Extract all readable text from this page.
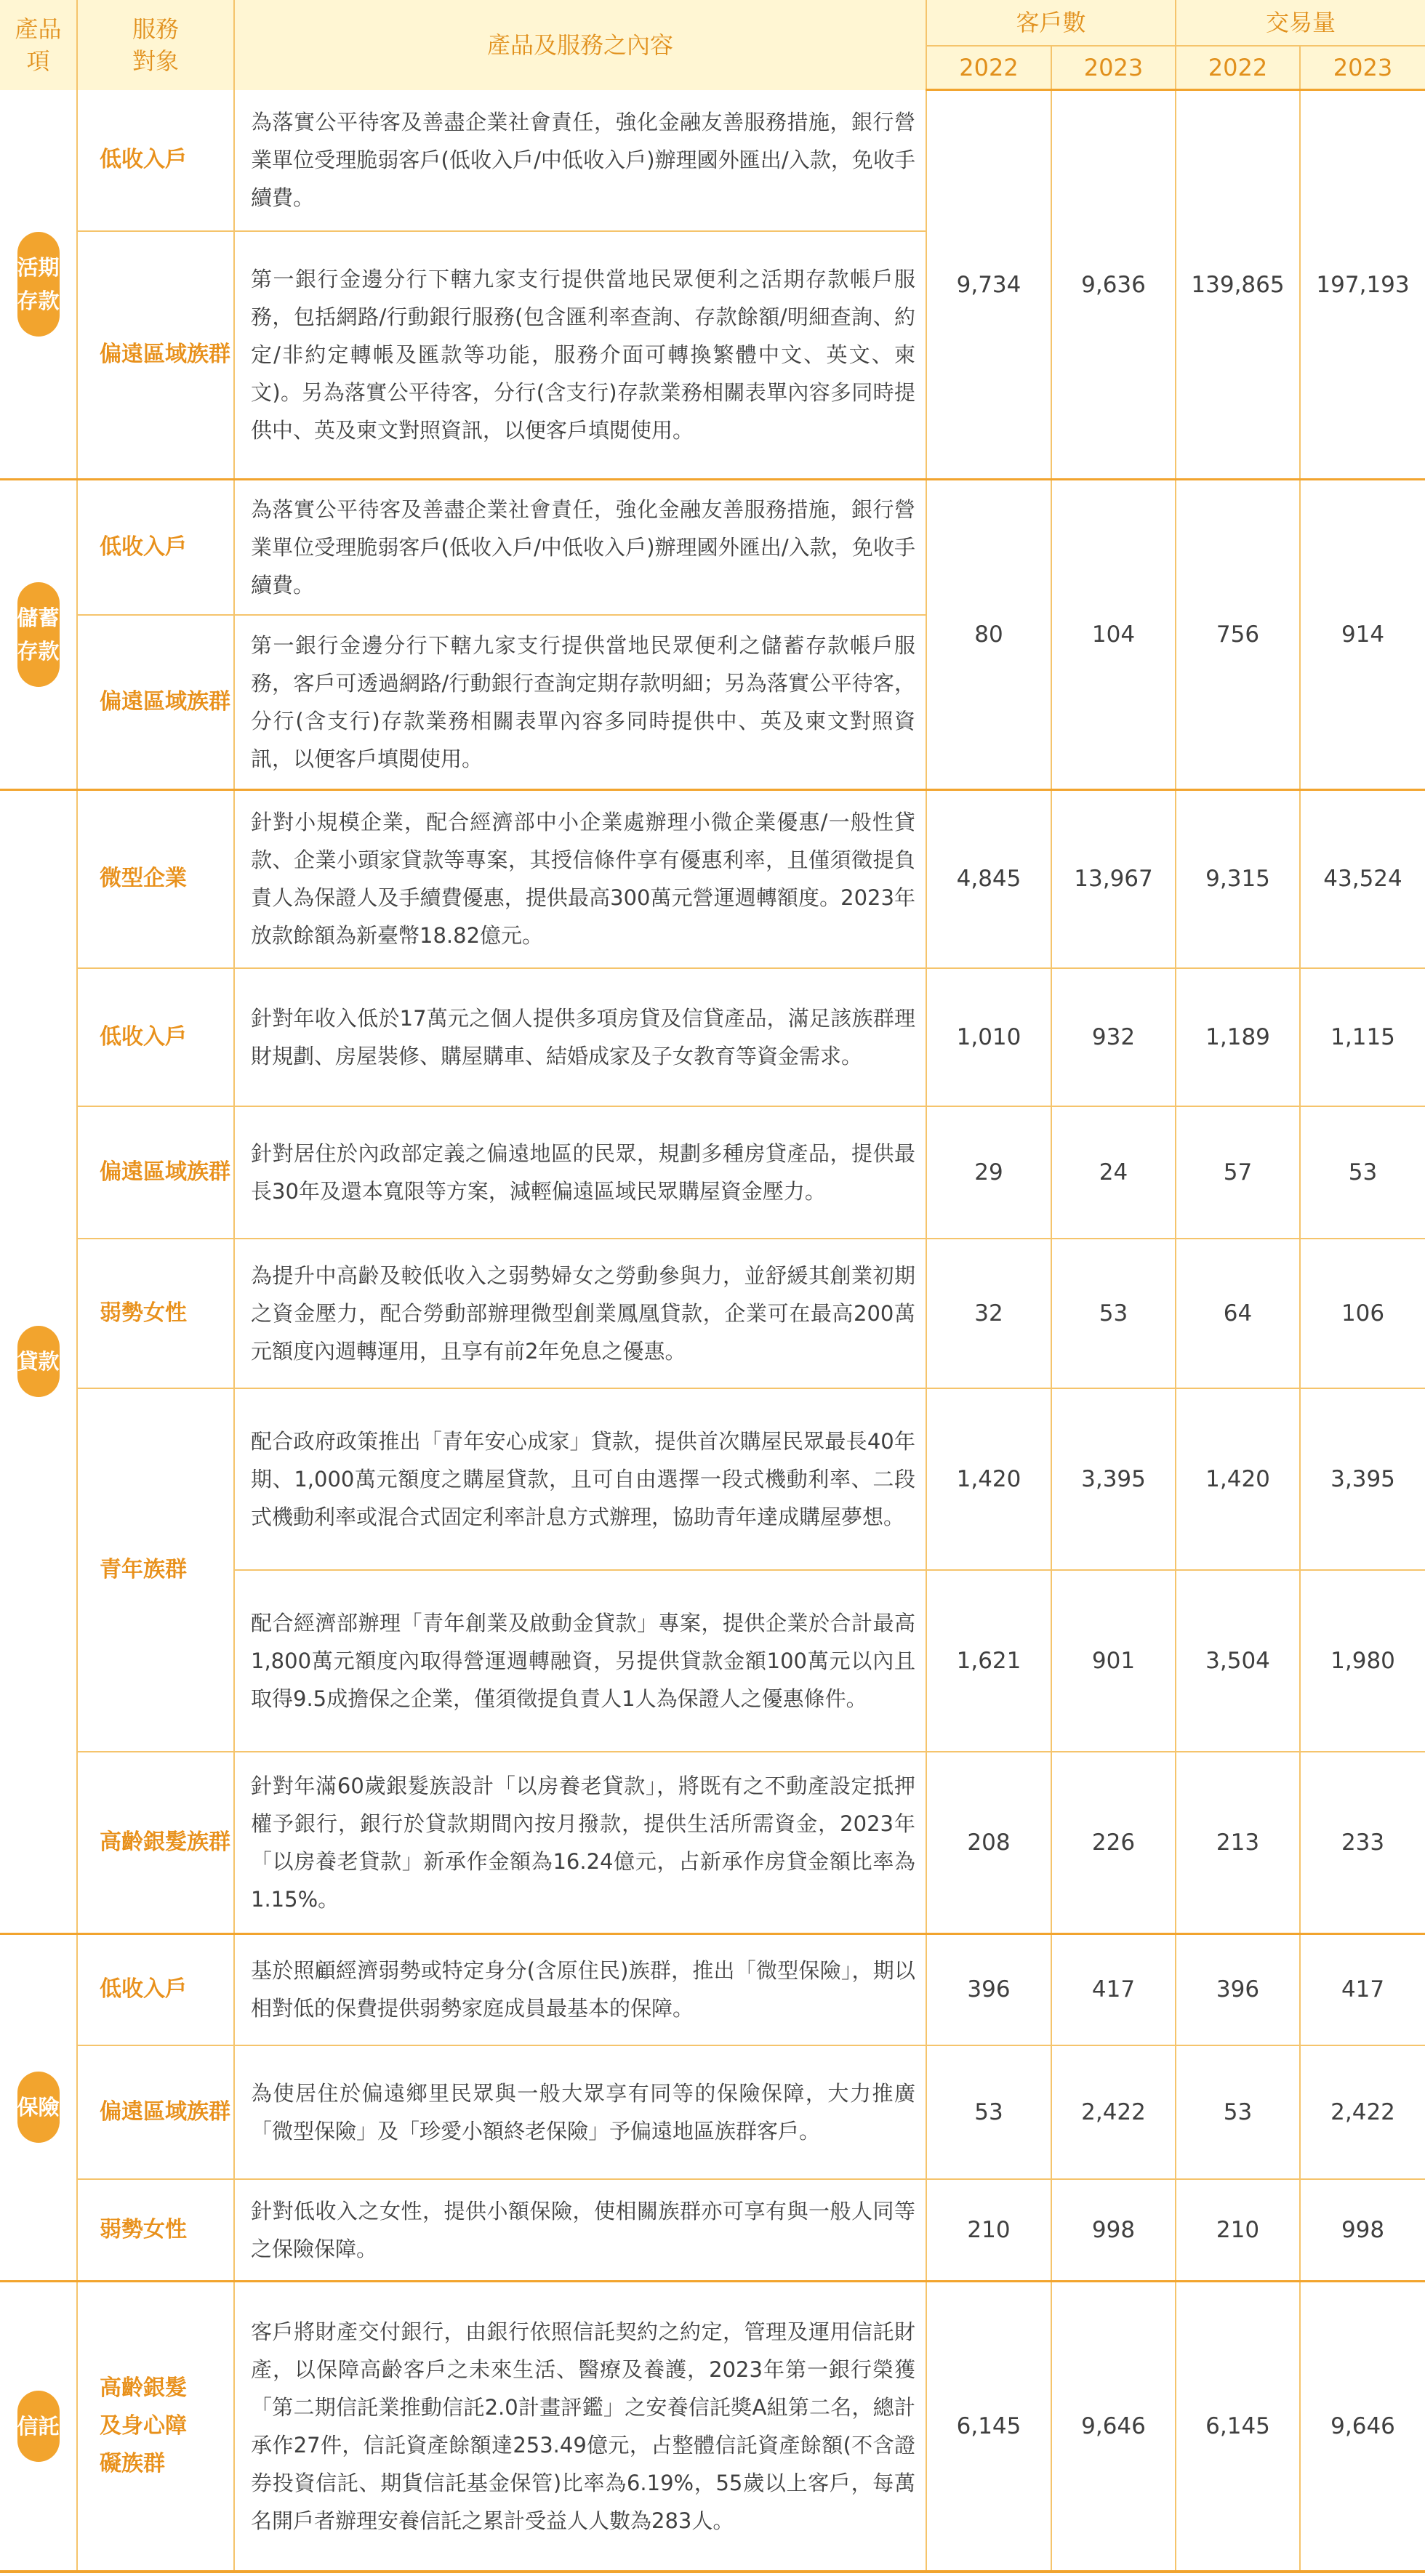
產品
項	服務
對象	產品及服務之內容	客戶數		交易量	
			2022	2023	2022	2023
活期存款	低收入戶	為落實公平待客及善盡企業社會責任，強化金融友善服務措施，銀行營業單位受理脆弱客戶(低收入戶/中低收入戶)辦理國外匯出/入款，免收手續費。	9,734	9,636	139,865	197,193
	偏遠區域族群	第一銀行金邊分行下轄九家支行提供當地民眾便利之活期存款帳戶服務，包括網路/行動銀行服務(包含匯利率查詢、存款餘額/明細查詢、約定/非約定轉帳及匯款等功能，服務介面可轉換繁體中文、英文、柬文)。另為落實公平待客，分行(含支行)存款業務相關表單內容多同時提供中、英及柬文對照資訊，以便客戶填閱使用。				
儲蓄存款	低收入戶	為落實公平待客及善盡企業社會責任，強化金融友善服務措施，銀行營業單位受理脆弱客戶(低收入戶/中低收入戶)辦理國外匯出/入款，免收手續費。	80	104	756	914
	偏遠區域族群	第一銀行金邊分行下轄九家支行提供當地民眾便利之儲蓄存款帳戶服務，客戶可透過網路/行動銀行查詢定期存款明細；另為落實公平待客，分行(含支行)存款業務相關表單內容多同時提供中、英及柬文對照資訊，以便客戶填閱使用。				
貸款	微型企業	針對小規模企業，配合經濟部中小企業處辦理小微企業優惠/一般性貸款、企業小頭家貸款等專案，其授信條件享有優惠利率，且僅須徵提負責人為保證人及手續費優惠，提供最高300萬元營運週轉額度。2023年放款餘額為新臺幣18.82億元。	4,845	13,967	9,315	43,524
	低收入戶	針對年收入低於17萬元之個人提供多項房貸及信貸產品，滿足該族群理財規劃、房屋裝修、購屋購車、結婚成家及子女教育等資金需求。	1,010	932	1,189	1,115
	偏遠區域族群	針對居住於內政部定義之偏遠地區的民眾，規劃多種房貸產品，提供最長30年及還本寬限等方案，減輕偏遠區域民眾購屋資金壓力。	29	24	57	53
	弱勢女性	為提升中高齡及較低收入之弱勢婦女之勞動參與力，並舒緩其創業初期之資金壓力，配合勞動部辦理微型創業鳳凰貸款，企業可在最高200萬元額度內週轉運用，且享有前2年免息之優惠。	32	53	64	106
	青年族群	配合政府政策推出「青年安心成家」貸款，提供首次購屋民眾最長40年期、1,000萬元額度之購屋貸款，且可自由選擇一段式機動利率、二段式機動利率或混合式固定利率計息方式辦理，協助青年達成購屋夢想。	1,420	3,395	1,420	3,395
		配合經濟部辦理「青年創業及啟動金貸款」專案，提供企業於合計最高1,800萬元額度內取得營運週轉融資，另提供貸款金額100萬元以內且取得9.5成擔保之企業，僅須徵提負責人1人為保證人之優惠條件。	1,621	901	3,504	1,980
	高齡銀髮族群	針對年滿60歲銀髮族設計「以房養老貸款」，將既有之不動產設定抵押權予銀行，銀行於貸款期間內按月撥款，提供生活所需資金，2023年「以房養老貸款」新承作金額為16.24億元，占新承作房貸金額比率為1.15%。	208	226	213	233
保險	低收入戶	基於照顧經濟弱勢或特定身分(含原住民)族群，推出「微型保險」，期以相對低的保費提供弱勢家庭成員最基本的保障。	396	417	396	417
	偏遠區域族群	為使居住於偏遠鄉里民眾與一般大眾享有同等的保險保障，大力推廣「微型保險」及「珍愛小額終老保險」予偏遠地區族群客戶。	53	2,422	53	2,422
	弱勢女性	針對低收入之女性，提供小額保險，使相關族群亦可享有與一般人同等之保險保障。	210	998	210	998
信託	高齡銀髮
及身心障
礙族群	客戶將財產交付銀行，由銀行依照信託契約之約定，管理及運用信託財產，以保障高齡客戶之未來生活、醫療及養護，2023年第一銀行榮獲「第二期信託業推動信託2.0計畫評鑑」之安養信託獎A組第二名，總計承作27件，信託資產餘額達253.49億元，占整體信託資產餘額(不含證券投資信託、期貨信託基金保管)比率為6.19%，55歲以上客戶，每萬名開戶者辦理安養信託之累計受益人人數為283人。	6,145	9,646	6,145	9,646
